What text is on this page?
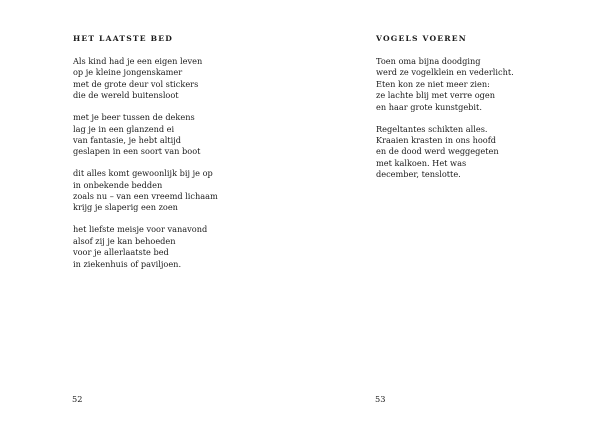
HET LAATSTE BED
Als kind had je een eigen leven
op je kleine jongenskamer
met de grote deur vol stickers
die de wereld buitensloot
met je beer tussen de dekens
lag je in een glanzend ei
van fantasie, je hebt altijd
geslapen in een soort van boot
dit alles komt gewoonlijk bij je op
in onbekende bedden
zoals nu – van een vreemd lichaam
krijg je slaperig een zoen
het liefste meisje voor vanavond
alsof zij je kan behoeden
voor je allerlaatste bed
in ziekenhuis of paviljoen.
52
VOGELS VOEREN
Toen oma bijna doodging
werd ze vogelklein en vederlicht.
Eten kon ze niet meer zien:
ze lachte blij met verre ogen
en haar grote kunstgebit.
Regeltantes schikten alles.
Kraaien krasten in ons hoofd
en de dood werd weggegeten
met kalkoen. Het was
december, tenslotte.
53
